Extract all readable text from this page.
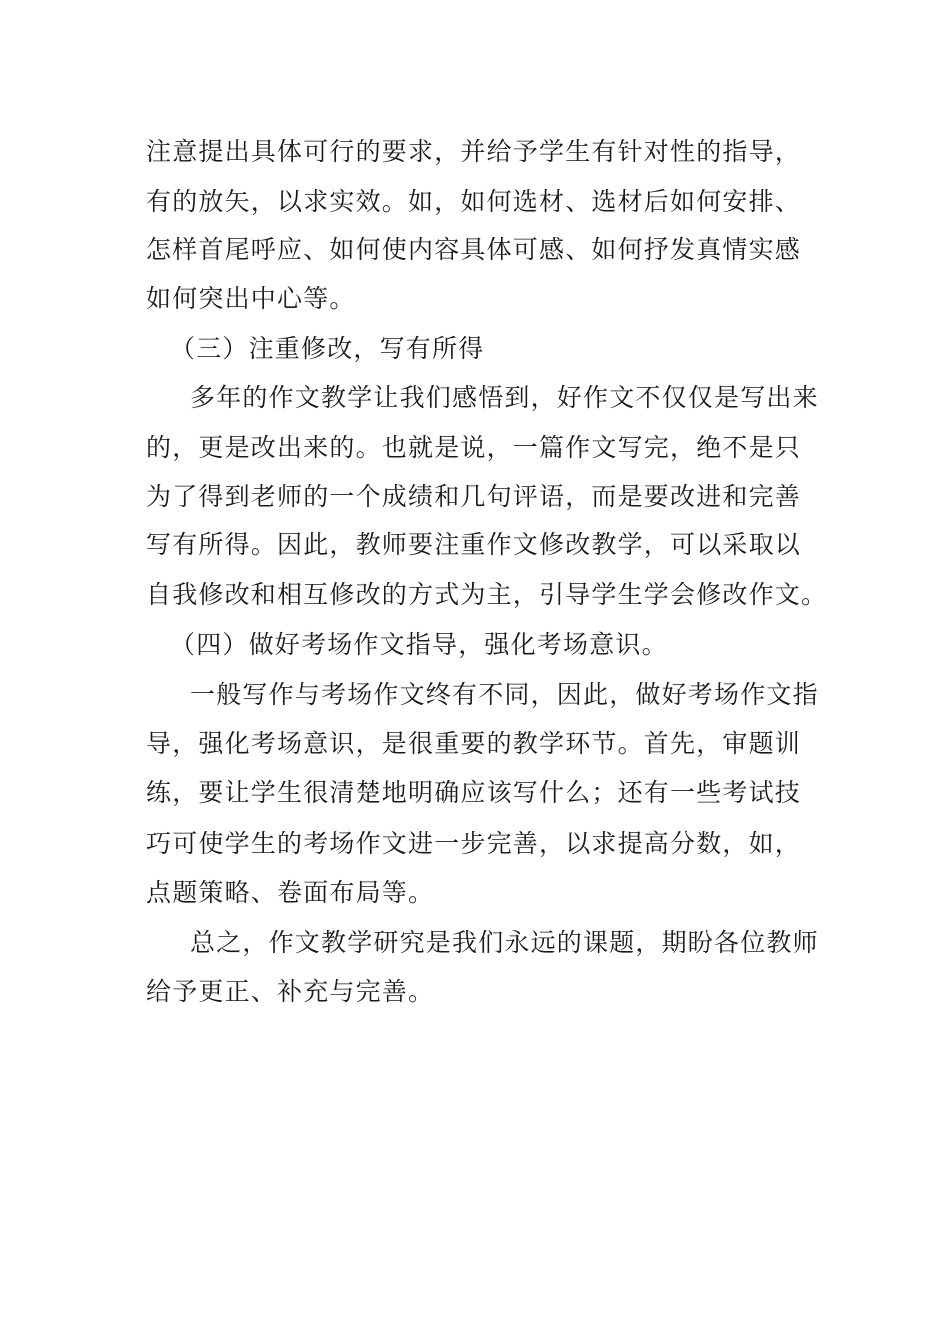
注意提出具体可行的要求，并给予学生有针对性的指导，
有的放矢，以求实效。如，如何选材、选材后如何安排、
怎样首尾呼应、如何使内容具体可感、如何抒发真情实感
如何突出中心等。
（三）注重修改，写有所得
多年的作文教学让我们感悟到，好作文不仅仅是写出来
的，更是改出来的。也就是说，一篇作文写完，绝不是只
为了得到老师的一个成绩和几句评语，而是要改进和完善
写有所得。因此，教师要注重作文修改教学，可以采取以
自我修改和相互修改的方式为主，引导学生学会修改作文。
（四）做好考场作文指导，强化考场意识。
一般写作与考场作文终有不同，因此，做好考场作文指
导，强化考场意识，是很重要的教学环节。首先，审题训
练，要让学生很清楚地明确应该写什么；还有一些考试技
巧可使学生的考场作文进一步完善，以求提高分数，如，
点题策略、卷面布局等。
总之，作文教学研究是我们永远的课题，期盼各位教师
给予更正、补充与完善。
